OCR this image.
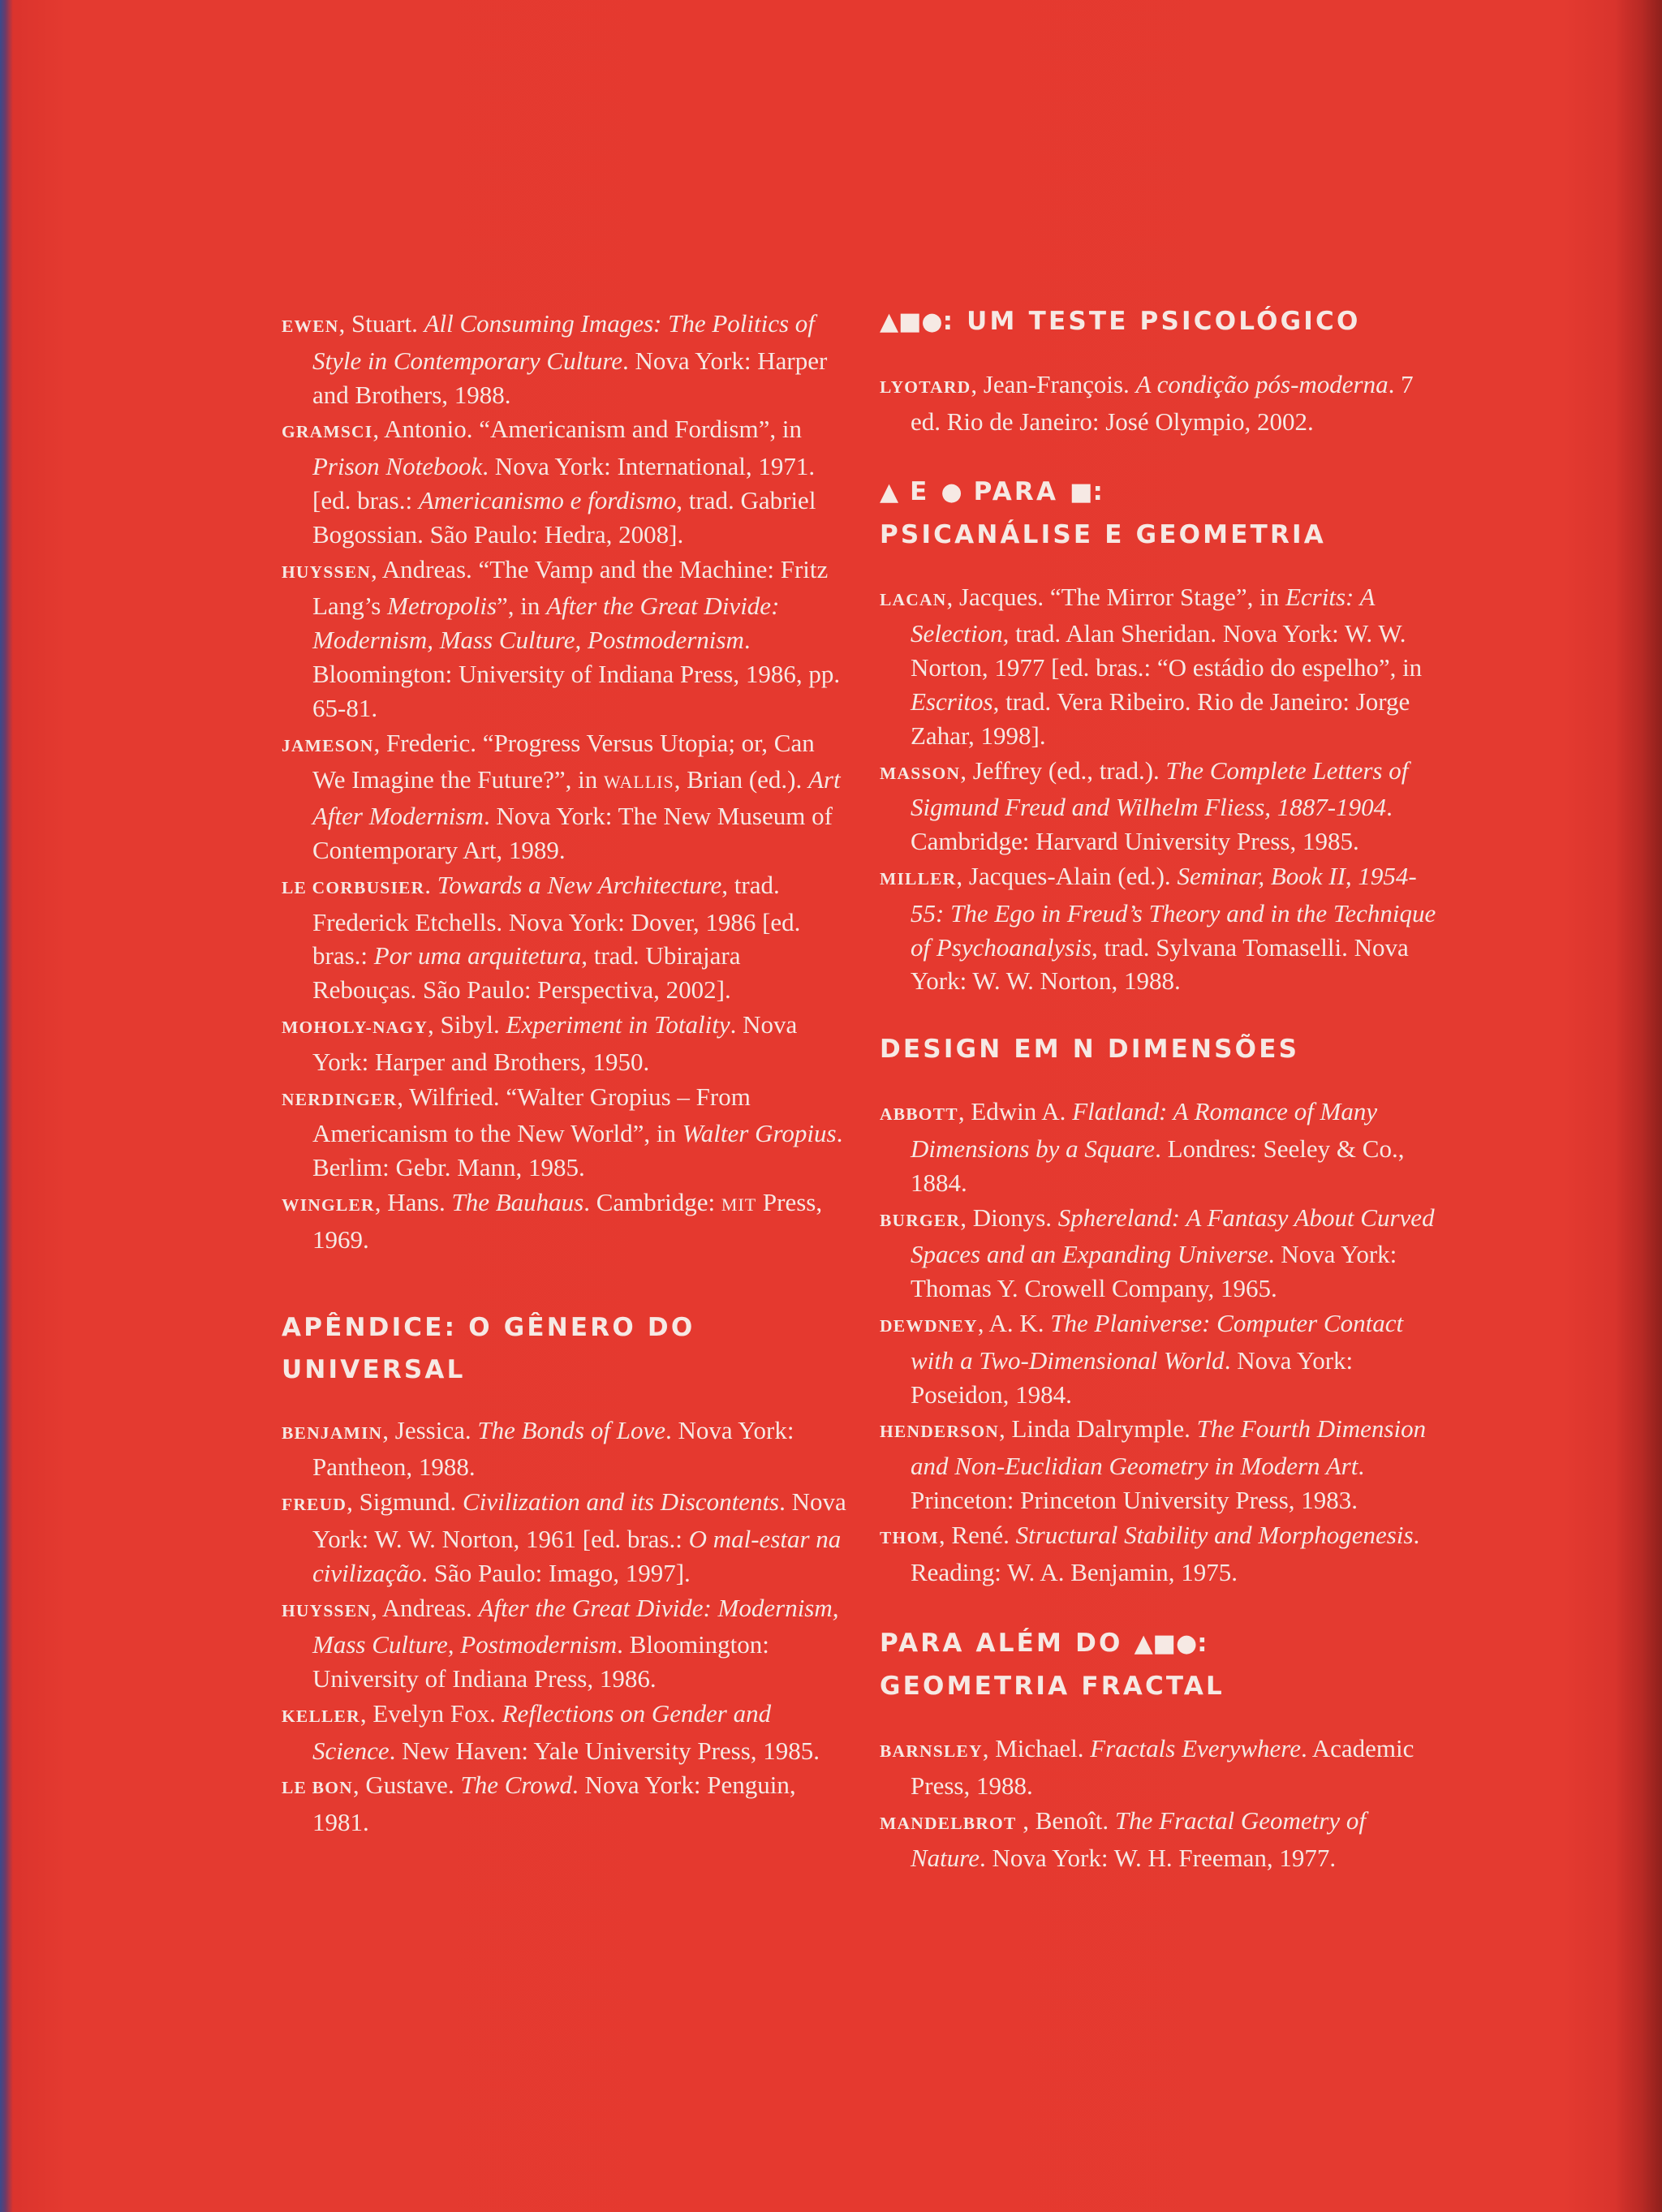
EWEN, Stuart. All Consuming Images: The Politics of Style in Contemporary Culture. Nova York: Harper and Brothers, 1988.
GRAMSCI, Antonio. “Americanism and Fordism”, in Prison Notebook. Nova York: International, 1971. [ed. bras.: Americanismo e fordismo, trad. Gabriel Bogossian. São Paulo: Hedra, 2008].
HUYSSEN, Andreas. “The Vamp and the Machine: Fritz Lang’s Metropolis”, in After the Great Divide: Modernism, Mass Culture, Postmodernism. Bloomington: University of Indiana Press, 1986, pp. 65-81.
JAMESON, Frederic. “Progress Versus Utopia; or, Can We Imagine the Future?”, in WALLIS, Brian (ed.). Art After Modernism. Nova York: The New Museum of Contemporary Art, 1989.
LE CORBUSIER. Towards a New Architecture, trad. Frederick Etchells. Nova York: Dover, 1986 [ed. bras.: Por uma arquitetura, trad. Ubirajara Rebouças. São Paulo: Perspectiva, 2002].
MOHOLY-NAGY, Sibyl. Experiment in Totality. Nova York: Harper and Brothers, 1950.
NERDINGER, Wilfried. “Walter Gropius – From Americanism to the New World”, in Walter Gropius. Berlim: Gebr. Mann, 1985.
WINGLER, Hans. The Bauhaus. Cambridge: MIT Press, 1969.
APÊNDICE: O GÊNERO DO UNIVERSAL
BENJAMIN, Jessica. The Bonds of Love. Nova York: Pantheon, 1988.
FREUD, Sigmund. Civilization and its Discontents. Nova York: W. W. Norton, 1961 [ed. bras.: O mal-estar na civilização. São Paulo: Imago, 1997].
HUYSSEN, Andreas. After the Great Divide: Modernism, Mass Culture, Postmodernism. Bloomington: University of Indiana Press, 1986.
KELLER, Evelyn Fox. Reflections on Gender and Science. New Haven: Yale University Press, 1985.
LE BON, Gustave. The Crowd. Nova York: Penguin, 1981.
▲■●: UM TESTE PSICOLÓGICO
LYOTARD, Jean-François. A condição pós-moderna. 7 ed. Rio de Janeiro: José Olympio, 2002.
▲ E ● PARA ■:
PSICANÁLISE E GEOMETRIA
LACAN, Jacques. “The Mirror Stage”, in Ecrits: A Selection, trad. Alan Sheridan. Nova York: W. W. Norton, 1977 [ed. bras.: “O estádio do espelho”, in Escritos, trad. Vera Ribeiro. Rio de Janeiro: Jorge Zahar, 1998].
MASSON, Jeffrey (ed., trad.). The Complete Letters of Sigmund Freud and Wilhelm Fliess, 1887-1904. Cambridge: Harvard University Press, 1985.
MILLER, Jacques-Alain (ed.). Seminar, Book II, 1954-55: The Ego in Freud’s Theory and in the Technique of Psychoanalysis, trad. Sylvana Tomaselli. Nova York: W. W. Norton, 1988.
DESIGN EM N DIMENSÕES
ABBOTT, Edwin A. Flatland: A Romance of Many Dimensions by a Square. Londres: Seeley & Co., 1884.
BURGER, Dionys. Sphereland: A Fantasy About Curved Spaces and an Expanding Universe. Nova York: Thomas Y. Crowell Company, 1965.
DEWDNEY, A. K. The Planiverse: Computer Contact with a Two-Dimensional World. Nova York: Poseidon, 1984.
HENDERSON, Linda Dalrymple. The Fourth Dimension and Non-Euclidian Geometry in Modern Art. Princeton: Princeton University Press, 1983.
THOM, René. Structural Stability and Morphogenesis. Reading: W. A. Benjamin, 1975.
PARA ALÉM DO ▲■●:
GEOMETRIA FRACTAL
BARNSLEY, Michael. Fractals Everywhere. Academic Press, 1988.
MANDELBROT , Benoît. The Fractal Geometry of Nature. Nova York: W. H. Freeman, 1977.
